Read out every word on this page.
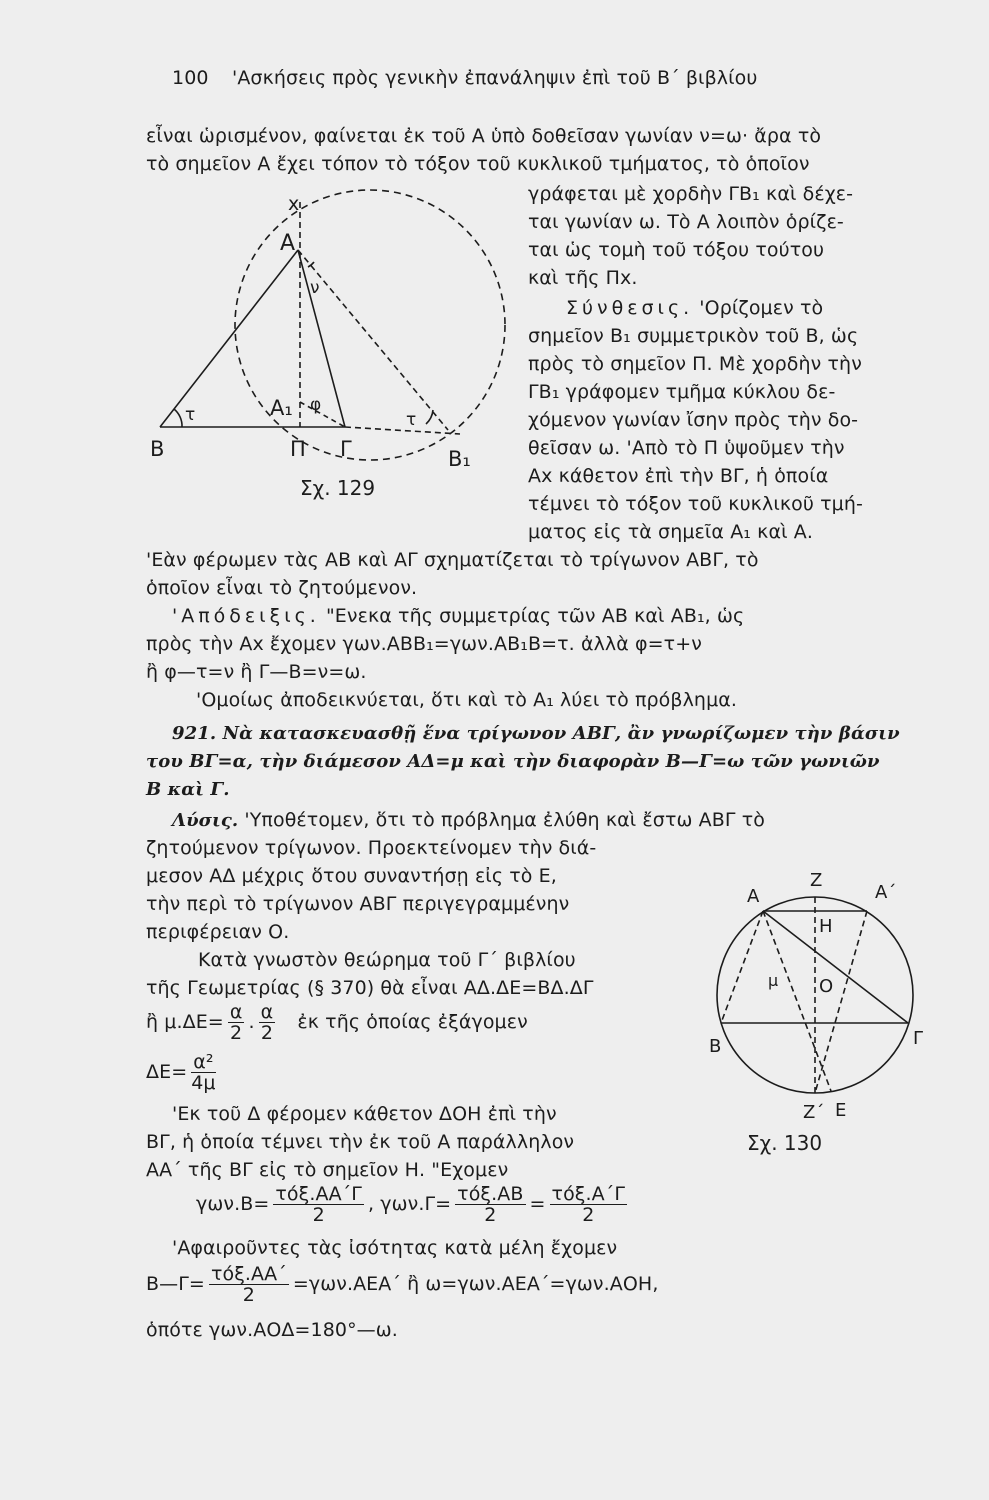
100 'Ασκήσεις πρὸς γενικὴν ἐπανάληψιν ἐπὶ τοῦ Β΄ βιβλίου
εἶναι ὡρισμένον, φαίνεται ἐκ τοῦ Α ὑπὸ δοθεῖσαν γωνίαν ν=ω· ἄρα τὸ
τὸ σημεῖον Α ἔχει τόπον τὸ τόξον τοῦ κυκλικοῦ τμήματος, τὸ ὁποῖον
γράφεται μὲ χορδὴν ΓΒ₁ καὶ δέχε-
ται γωνίαν ω. Τὸ Α λοιπὸν ὁρίζε-
ται ὡς τομὴ τοῦ τόξου τούτου
καὶ τῆς Πx.
Σύνθεσις. 'Ορίζομεν τὸ
σημεῖον Β₁ συμμετρικὸν τοῦ Β, ὡς
πρὸς τὸ σημεῖον Π. Μὲ χορδὴν τὴν
ΓΒ₁ γράφομεν τμῆμα κύκλου δε-
χόμενον γωνίαν ἴσην πρὸς τὴν δο-
θεῖσαν ω. 'Απὸ τὸ Π ὑψοῦμεν τὴν
Αx κάθετον ἐπὶ τὴν ΒΓ, ἡ ὁποία
τέμνει τὸ τόξον τοῦ κυκλικοῦ τμή-
ματος εἰς τὰ σημεῖα Α₁ καὶ Α.
'Εὰν φέρωμεν τὰς ΑΒ καὶ ΑΓ σχηματίζεται τὸ τρίγωνον ΑΒΓ, τὸ
ὁποῖον εἶναι τὸ ζητούμενον.
'Απόδειξις. "Ενεκα τῆς συμμετρίας τῶν ΑΒ καὶ ΑΒ₁, ὡς
πρὸς τὴν Αx ἔχομεν γων.ΑΒΒ₁=γων.ΑΒ₁Β=τ. ἀλλὰ φ=τ+ν
ἢ φ—τ=ν ἢ Γ—Β=ν=ω.
'Ομοίως ἀποδεικνύεται, ὅτι καὶ τὸ Α₁ λύει τὸ πρόβλημα.
x
A
ν
A₁ φ
τ	τ
B	Π Γ	B₁
Σχ. 129
921. Νὰ κατασκευασθῇ ἕνα τρίγωνον ΑΒΓ, ἂν γνωρίζωμεν τὴν βάσιν
του ΒΓ=α, τὴν διάμεσον ΑΔ=μ καὶ τὴν διαφορὰν Β—Γ=ω τῶν γωνιῶν
Β καὶ Γ.
Λύσις. 'Υποθέτομεν, ὅτι τὸ πρόβλημα ἐλύθη καὶ ἔστω ΑΒΓ τὸ
ζητούμενον τρίγωνον. Προεκτείνομεν τὴν διά-
μεσον ΑΔ μέχρις ὅτου συναντήσῃ εἰς τὸ Ε,
τὴν περὶ τὸ τρίγωνον ΑΒΓ περιγεγραμμένην
περιφέρειαν Ο.
Κατὰ γνωστὸν θεώρημα τοῦ Γ΄ βιβλίου
τῆς Γεωμετρίας (§ 370) θὰ εἶναι ΑΔ.ΔΕ=ΒΔ.ΔΓ
ἢ $\mu.\Delta E= \frac{\alpha}{2}$ . $\frac{\alpha}{2}$ ἐκ τῆς ὁποίας ἐξάγομεν
$\Delta E= \frac{\text{α²}}{4\mu}$
'Εκ τοῦ Δ φέρομεν κάθετον ΔΟΗ ἐπὶ τὴν
ΒΓ, ἡ ὁποία τέμνει τὴν ἐκ τοῦ Α παράλληλον
ΑΑ΄ τῆς ΒΓ εἰς τὸ σημεῖον Η. "Εχομεν
$\gamma\omega\nu.B= \frac{\text{τόξ.ΑΑ΄Γ}}{2}$ , $\gamma\omega\nu.\Gamma= \frac{\text{τόξ.ΑΒ}}{2} = \frac{\text{τόξ.Α΄Γ}}{2}$
'Αφαιροῦντες τὰς ἰσότητας κατὰ μέλη ἔχομεν
Β—Γ= $\frac{\text{τόξ.ΑΑ΄}}{2} =\gamma\omega\nu.AEA΄$ ἢ ω=γων.ΑΕΑ΄=γων.ΑΟΗ,
ὁπότε γων.ΑΟΔ=180°—ω.
A
Z
A΄
H
μ O
B	Γ
Z΄ E
Σχ. 130
